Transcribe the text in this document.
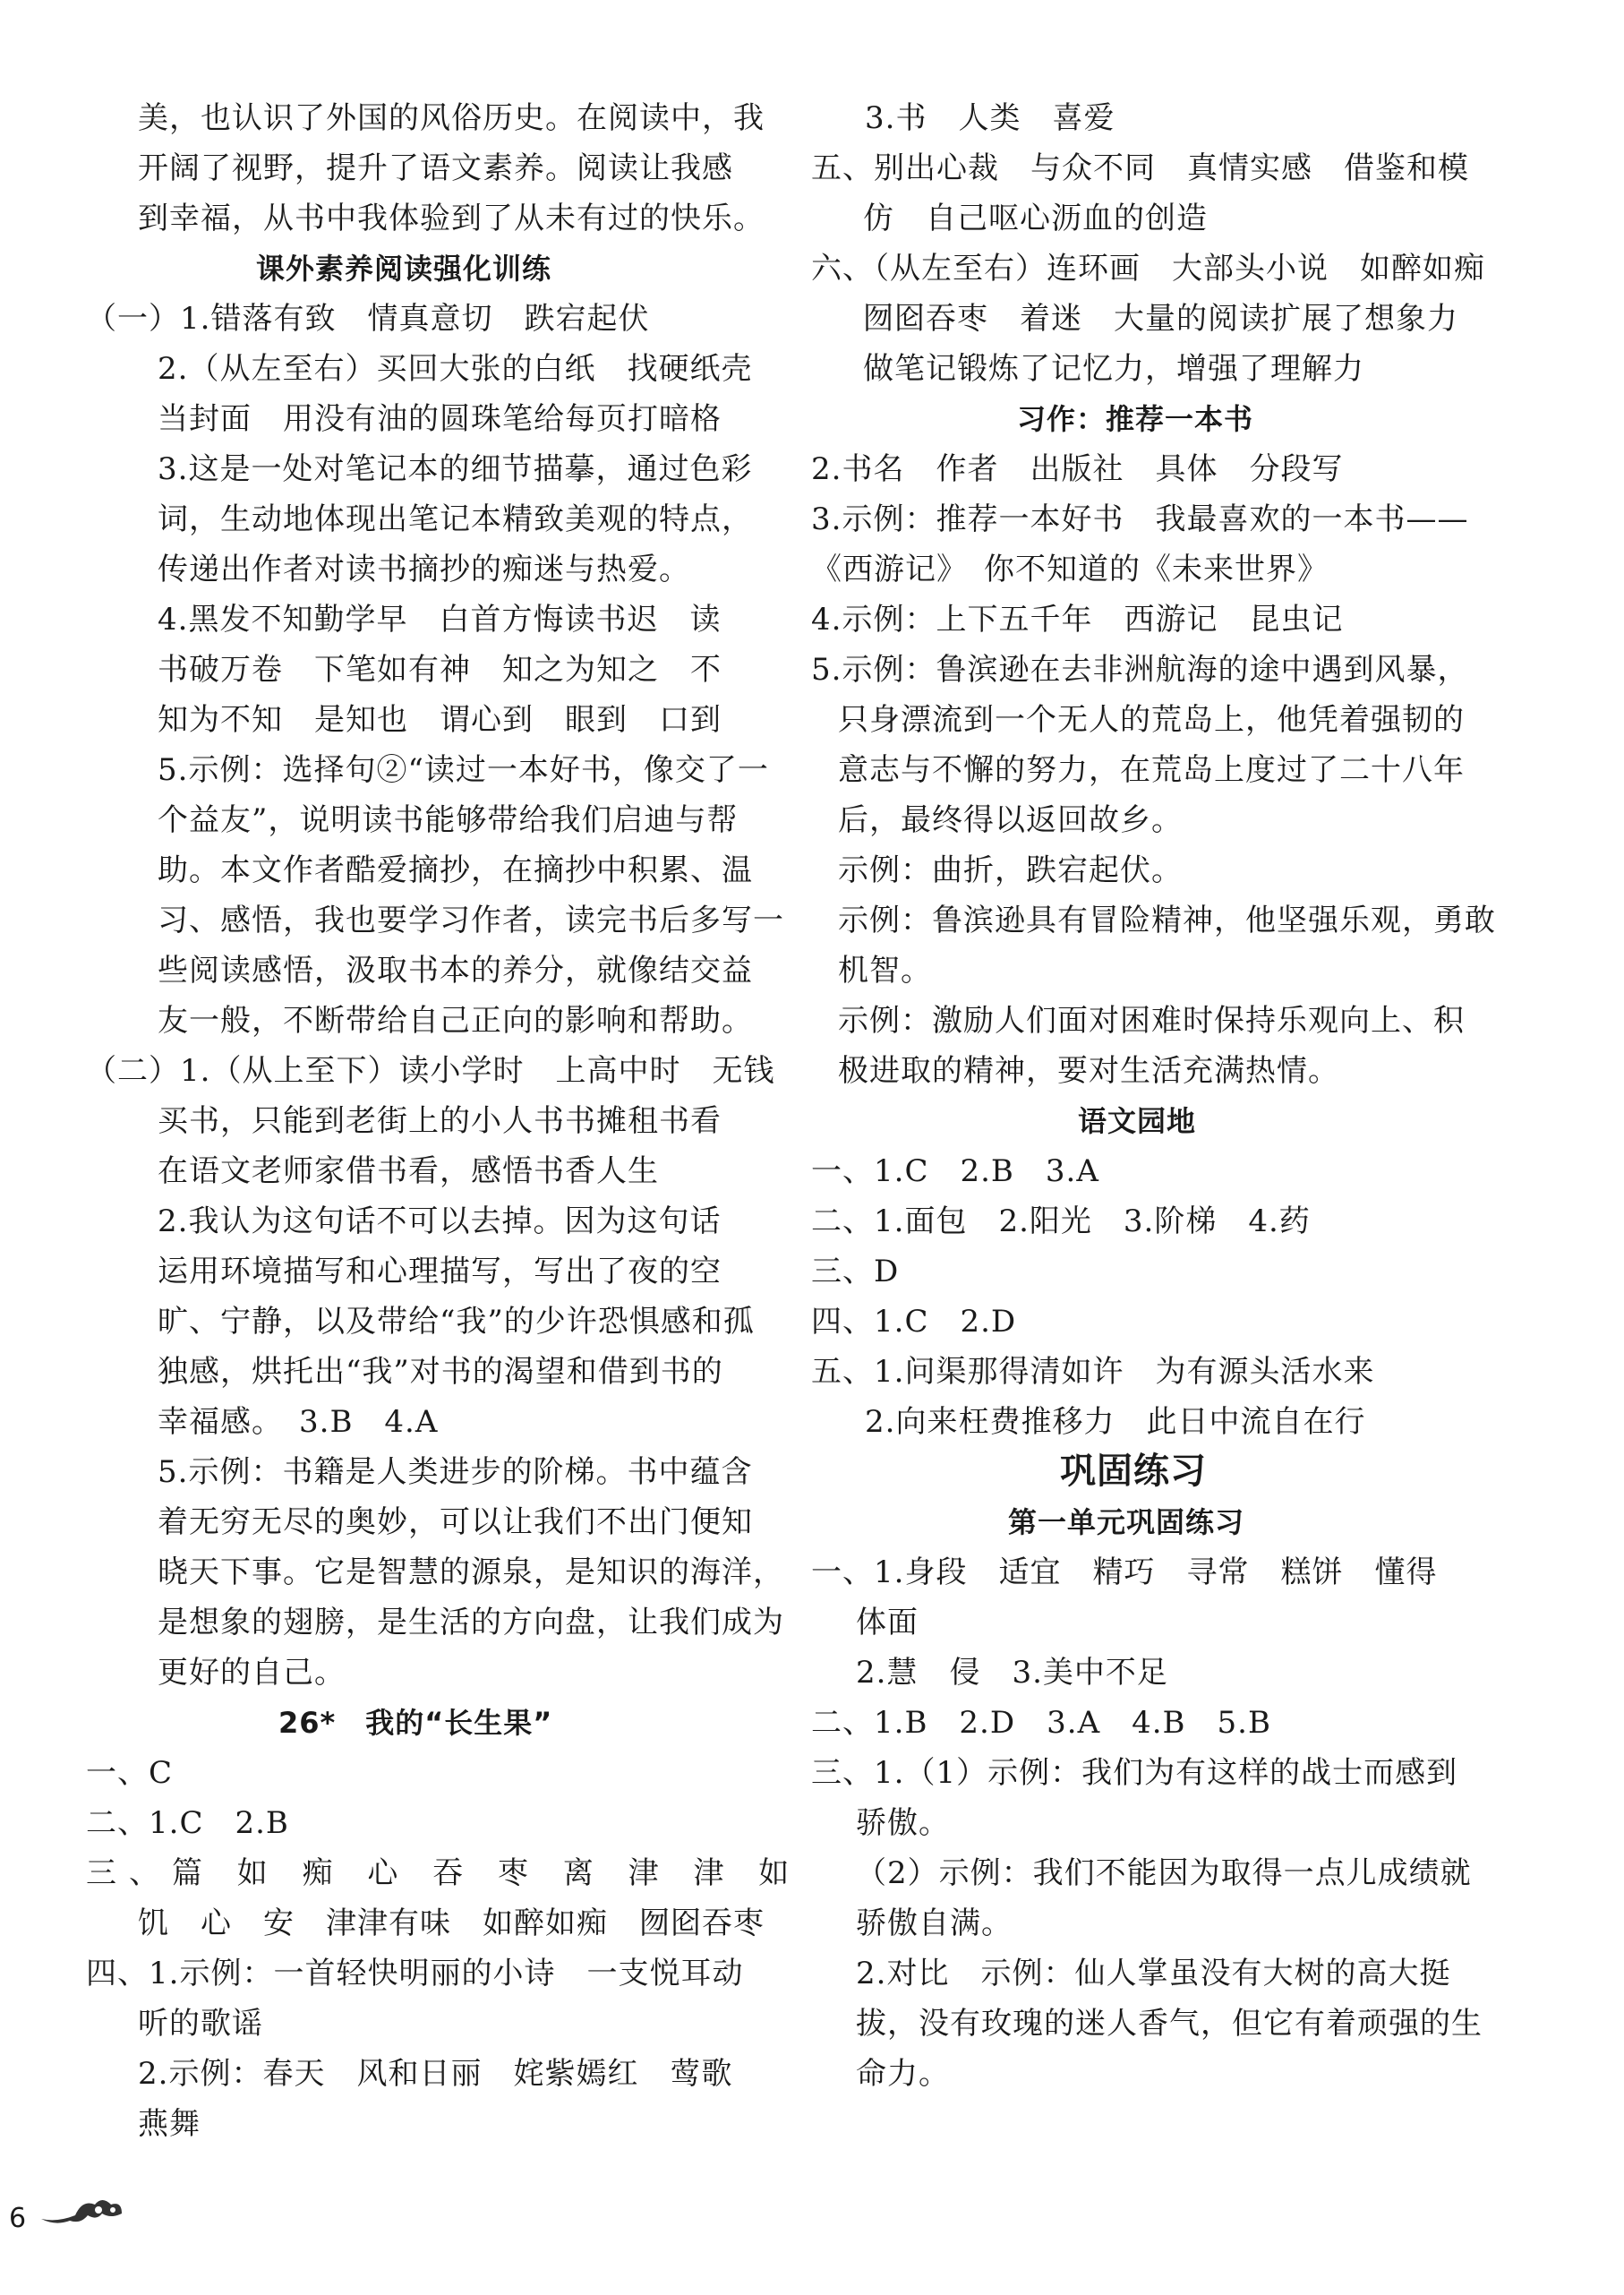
美，也认识了外国的风俗历史。在阅读中，我
开阔了视野，提升了语文素养。阅读让我感
到幸福，从书中我体验到了从未有过的快乐。
课外素养阅读强化训练
（一）1.错落有致　情真意切　跌宕起伏
2.（从左至右）买回大张的白纸　找硬纸壳
当封面　用没有油的圆珠笔给每页打暗格
3.这是一处对笔记本的细节描摹，通过色彩
词，生动地体现出笔记本精致美观的特点，
传递出作者对读书摘抄的痴迷与热爱。
4.黑发不知勤学早　白首方悔读书迟　读
书破万卷　下笔如有神　知之为知之　不
知为不知　是知也　谓心到　眼到　口到
5.示例：选择句②“读过一本好书，像交了一
个益友”，说明读书能够带给我们启迪与帮
助。本文作者酷爱摘抄，在摘抄中积累、温
习、感悟，我也要学习作者，读完书后多写一
些阅读感悟，汲取书本的养分，就像结交益
友一般，不断带给自己正向的影响和帮助。
（二）1.（从上至下）读小学时　上高中时　无钱
买书，只能到老街上的小人书书摊租书看
在语文老师家借书看，感悟书香人生
2.我认为这句话不可以去掉。因为这句话
运用环境描写和心理描写，写出了夜的空
旷、宁静，以及带给“我”的少许恐惧感和孤
独感，烘托出“我”对书的渴望和借到书的
幸福感。　3.B　4.A
5.示例：书籍是人类进步的阶梯。书中蕴含
着无穷无尽的奥妙，可以让我们不出门便知
晓天下事。它是智慧的源泉，是知识的海洋，
是想象的翅膀，是生活的方向盘，让我们成为
更好的自己。
26*　我的“长生果”
一、C
二、1.C　2.B
三、篇 如 痴 心 吞 枣 离 津 津 如
饥　心　安　津津有味　如醉如痴　囫囵吞枣
四、1.示例：一首轻快明丽的小诗　一支悦耳动
听的歌谣
2.示例：春天　风和日丽　姹紫嫣红　莺歌
燕舞
3.书　人类　喜爱
五、别出心裁　与众不同　真情实感　借鉴和模
仿　自己呕心沥血的创造
六、（从左至右）连环画　大部头小说　如醉如痴
囫囵吞枣　着迷　大量的阅读扩展了想象力
做笔记锻炼了记忆力，增强了理解力
习作：推荐一本书
2.书名　作者　出版社　具体　分段写
3.示例：推荐一本好书　我最喜欢的一本书——
《西游记》　你不知道的《未来世界》
4.示例：上下五千年　西游记　昆虫记
5.示例：鲁滨逊在去非洲航海的途中遇到风暴，
只身漂流到一个无人的荒岛上，他凭着强韧的
意志与不懈的努力，在荒岛上度过了二十八年
后，最终得以返回故乡。
示例：曲折，跌宕起伏。
示例：鲁滨逊具有冒险精神，他坚强乐观，勇敢
机智。
示例：激励人们面对困难时保持乐观向上、积
极进取的精神，要对生活充满热情。
语文园地
一、1.C　2.B　3.A
二、1.面包　2.阳光　3.阶梯　4.药
三、D
四、1.C　2.D
五、1.问渠那得清如许　为有源头活水来
2.向来枉费推移力　此日中流自在行
巩固练习
第一单元巩固练习
一、1.身段　适宜　精巧　寻常　糕饼　懂得
体面
2.慧　侵　3.美中不足
二、1.B　2.D　3.A　4.B　5.B
三、1.（1）示例：我们为有这样的战士而感到
骄傲。
（2）示例：我们不能因为取得一点儿成绩就
骄傲自满。
2.对比　示例：仙人掌虽没有大树的高大挺
拔，没有玫瑰的迷人香气，但它有着顽强的生
命力。
6
